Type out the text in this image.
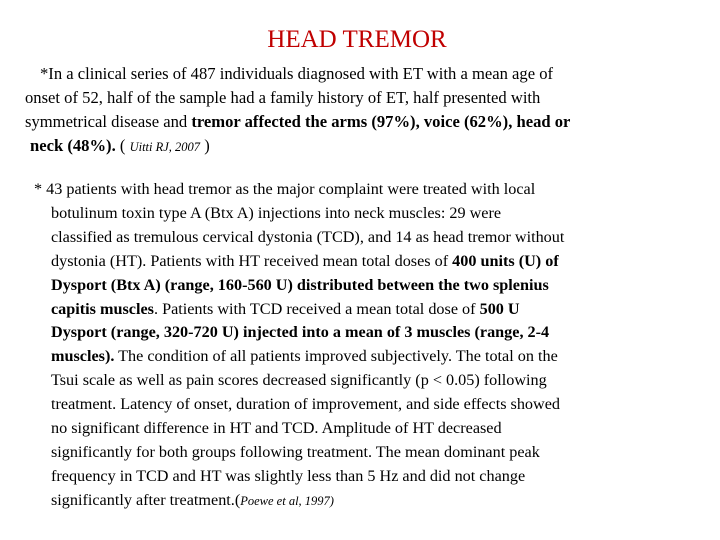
HEAD TREMOR

*In a clinical series of 487 individuals diagnosed with ET with a mean age of
onset of 52, half of the sample had a family history of ET, half presented with
symmetrical disease and tremor affected the arms (97%), voice (62%), head or
neck (48%). ( Uitti RJ, 2007 )

* 43 patients with head tremor as the major complaint were treated with local
botulinum toxin type A (Btx A) injections into neck muscles: 29 were
classified as tremulous cervical dystonia (TCD), and 14 as head tremor without
dystonia (HT). Patients with HT received mean total doses of 400 units (U) of
Dysport (Btx A) (range, 160-560 U) distributed between the two splenius
capitis muscles. Patients with TCD received a mean total dose of 500 U
Dysport (range, 320-720 U) injected into a mean of 3 muscles (range, 2-4
muscles). The condition of all patients improved subjectively. The total on the
Tsui scale as well as pain scores decreased significantly (p < 0.05) following
treatment. Latency of onset, duration of improvement, and side effects showed
no significant difference in HT and TCD. Amplitude of HT decreased
significantly for both groups following treatment. The mean dominant peak
frequency in TCD and HT was slightly less than 5 Hz and did not change
significantly after treatment.(Poewe et al, 1997)
